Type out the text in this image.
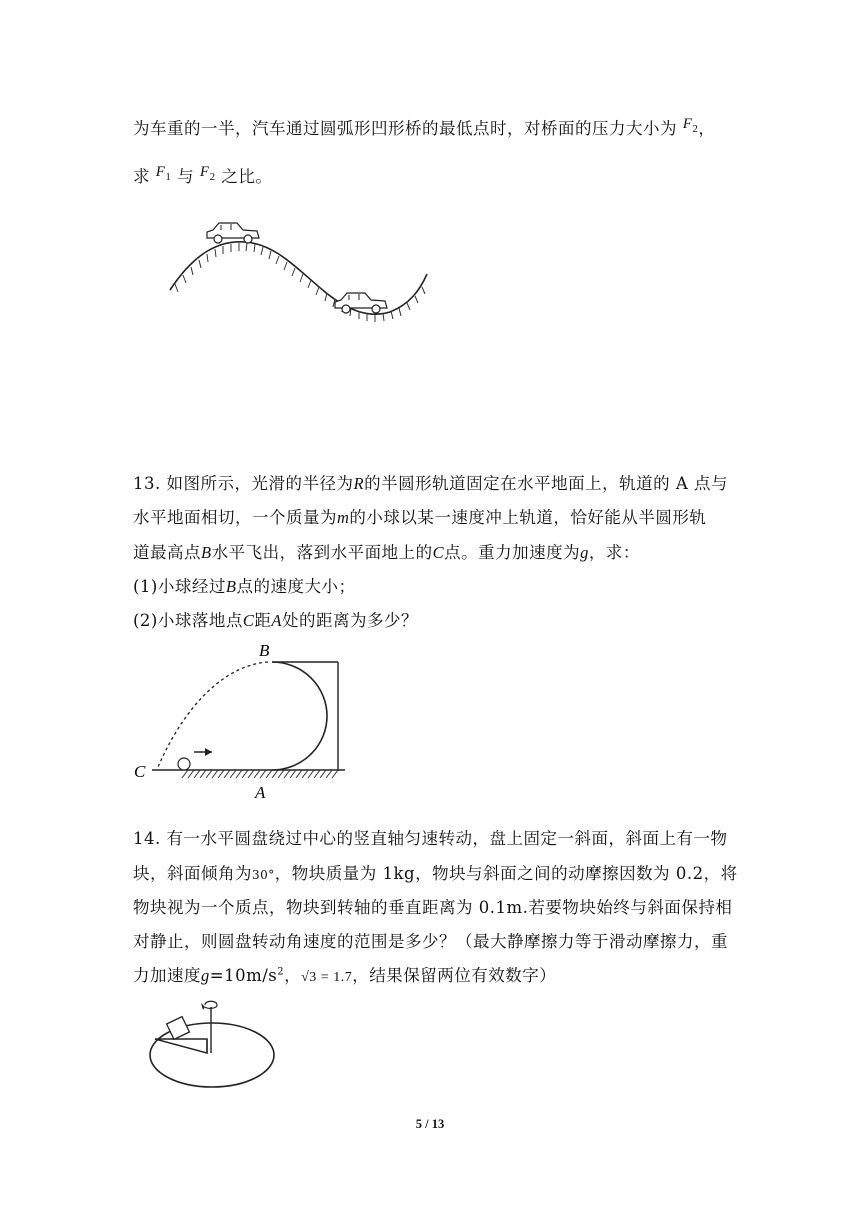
为车重的一半，汽车通过圆弧形凹形桥的最低点时，对桥面的压力大小为 $F_2$，
求 $F_1$ 与 $F_2$ 之比。
13. 如图所示，光滑的半径为R的半圆形轨道固定在水平地面上，轨道的 A 点与
水平地面相切，一个质量为m的小球以某一速度冲上轨道，恰好能从半圆形轨
道最高点B水平飞出，落到水平面地上的C点。重力加速度为g，求：
(1)小球经过B点的速度大小；
(2)小球落地点C距A处的距离为多少？
B
C
A
14. 有一水平圆盘绕过中心的竖直轴匀速转动，盘上固定一斜面，斜面上有一物
块，斜面倾角为30°，物块质量为 1kg，物块与斜面之间的动摩擦因数为 0.2，将
物块视为一个质点，物块到转轴的垂直距离为 0.1m.若要物块始终与斜面保持相
对静止，则圆盘转动角速度的范围是多少？（最大静摩擦力等于滑动摩擦力，重
力加速度$g=10m/s^2$，√3 = 1.7，结果保留两位有效数字）
5 / 13
